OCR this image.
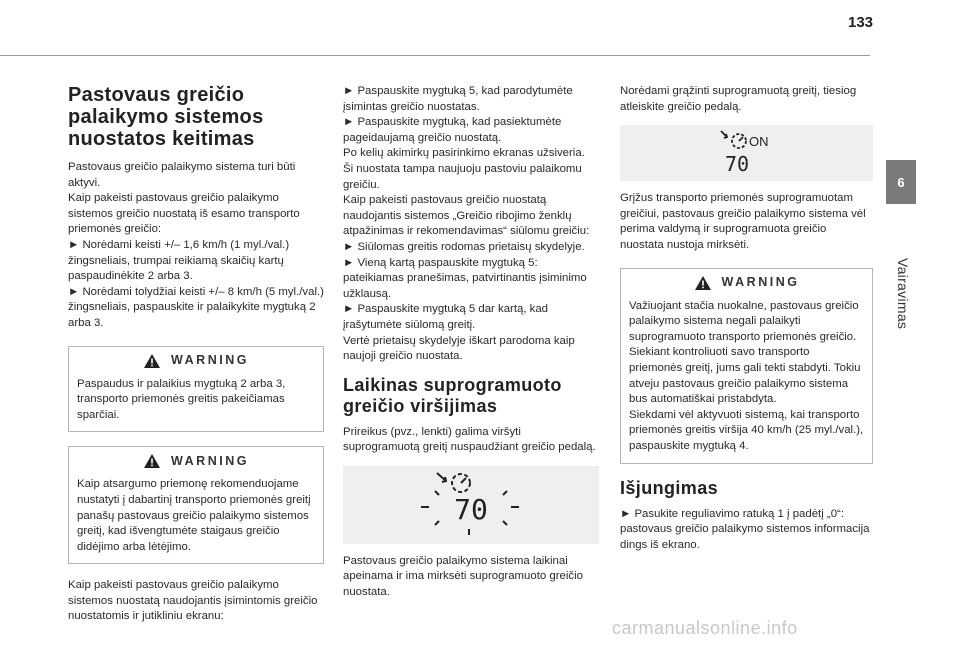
133
6
Vairavimas
Pastovaus greičio palaikymo sistemos nuostatos keitimas

Pastovaus greičio palaikymo sistema turi būti aktyvi.

Kaip pakeisti pastovaus greičio palaikymo sistemos greičio nuostatą iš esamo transporto priemonės greičio:

► Norėdami keisti +/– 1,6 km/h (1 myl./val.) žingsneliais, trumpai reikiamą skaičių kartų paspaudinėkite 2 arba 3.

► Norėdami tolydžiai keisti +/– 8 km/h (5 myl./val.) žingsneliais, paspauskite ir palaikykite mygtuką 2 arba 3.

WARNING
Paspaudus ir palaikius mygtuką 2 arba 3, transporto priemonės greitis pakeičiamas sparčiai.
WARNING
Kaip atsargumo priemonę rekomenduojame nustatyti į dabartinį transporto priemonės greitį panašų pastovaus greičio palaikymo sistemos greitį, kad išvengtumėte staigaus greičio didėjimo arba lėtėjimo.

Kaip pakeisti pastovaus greičio palaikymo sistemos nuostatą naudojantis įsimintomis greičio nuostatomis ir jutikliniu ekranu:

► Paspauskite mygtuką 5, kad parodytumėte įsimintas greičio nuostatas.

► Paspauskite mygtuką, kad pasiektumėte pageidaujamą greičio nuostatą.

Po kelių akimirkų pasirinkimo ekranas užsiveria.

Ši nuostata tampa naujuoju pastoviu palaikomu greičiu.

Kaip pakeisti pastovaus greičio nuostatą naudojantis sistemos „Greičio ribojimo ženklų atpažinimas ir rekomendavimas“ siūlomu greičiu:

► Siūlomas greitis rodomas prietaisų skydelyje.

► Vieną kartą paspauskite mygtuką 5: pateikiamas pranešimas, patvirtinantis įsiminimo užklausą.

► Paspauskite mygtuką 5 dar kartą, kad įrašytumėte siūlomą greitį.

Vertė prietaisų skydelyje iškart parodoma kaip naujoji greičio nuostata.

Laikinas suprogramuoto greičio viršijimas

Prireikus (pvz., lenkti) galima viršyti suprogramuotą greitį nuspaudžiant greičio pedalą.

70

Pastovaus greičio palaikymo sistema laikinai apeinama ir ima mirksėti suprogramuoto greičio nuostata.

Norėdami grąžinti suprogramuotą greitį, tiesiog atleiskite greičio pedalą.

ON
70

Grįžus transporto priemonės suprogramuotam greičiui, pastovaus greičio palaikymo sistema vėl perima valdymą ir suprogramuota greičio nuostata nustoja mirksėti.

WARNING

Važiuojant stačia nuokalne, pastovaus greičio palaikymo sistema negali palaikyti suprogramuoto transporto priemonės greičio.

Siekiant kontroliuoti savo transporto priemonės greitį, jums gali tekti stabdyti. Tokiu atveju pastovaus greičio palaikymo sistema bus automatiškai pristabdyta.

Siekdami vėl aktyvuoti sistemą, kai transporto priemonės greitis viršija 40 km/h (25 myl./val.), paspauskite mygtuką 4.

Išjungimas

► Pasukite reguliavimo ratuką 1 į padėtį „0“: pastovaus greičio palaikymo sistemos informacija dings iš ekrano.

carmanualsonline.info
